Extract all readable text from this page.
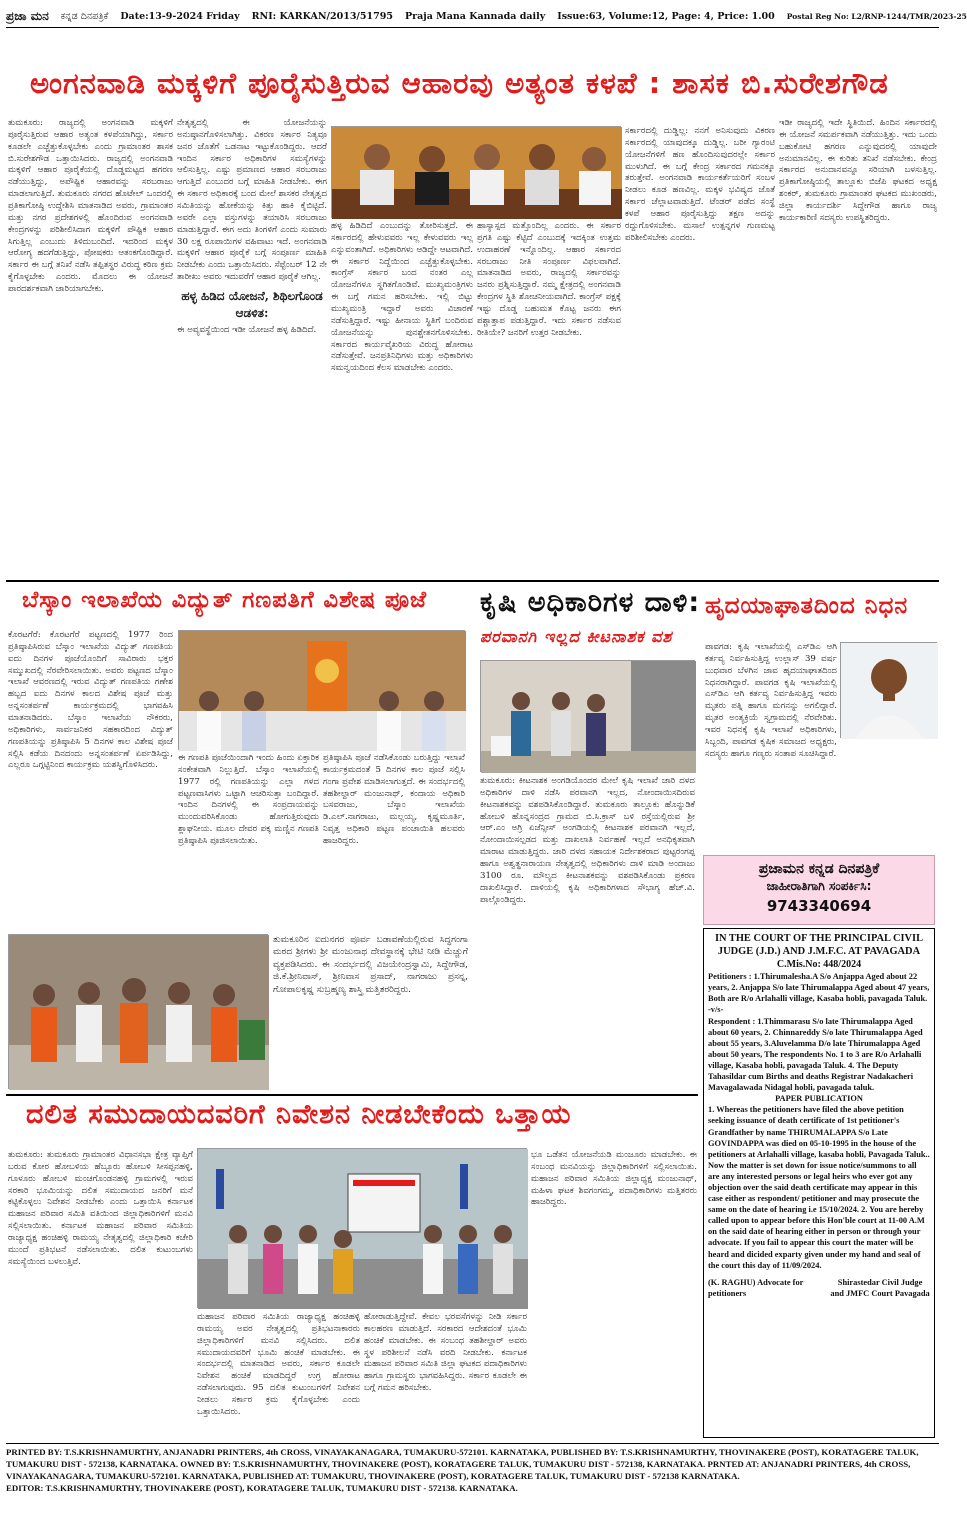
ಪ್ರಜಾ ಮನ ಕನ್ನಡ ದಿನಪತ್ರಿಕೆ Date:13-9-2024 Friday RNI: KARKAN/2013/51795 Praja Mana Kannada daily Issue:63, Volume:12, Page: 4, Price: 1.00 Postal Reg No: L2/RNP-1244/TMR/2023-25
ಅಂಗನವಾಡಿ ಮಕ್ಕಳಿಗೆ ಪೂರೈಸುತ್ತಿರುವ ಆಹಾರವು ಅತ್ಯಂತ ಕಳಪೆ : ಶಾಸಕ ಬಿ.ಸುರೇಶಗೌಡ
ತುಮಕೂರು: ರಾಜ್ಯದಲ್ಲಿ ಅಂಗನವಾಡಿ ಮಕ್ಕಳಿಗೆ ಪೂರೈಸುತ್ತಿರುವ ಆಹಾರ ಅತ್ಯಂತ ಕಳಪೆಯಾಗಿದ್ದು, ಸರ್ಕಾರ ಕೂಡಲೇ ಎಚ್ಚೆತ್ತುಕೊಳ್ಳಬೇಕು ಎಂದು ಗ್ರಾಮಾಂತರ ಶಾಸಕ ಬಿ.ಸುರೇಶಗೌಡ ಒತ್ತಾಯಿಸಿದರು. ರಾಜ್ಯದಲ್ಲಿ ಅಂಗನವಾಡಿ ಮಕ್ಕಳಿಗೆ ಆಹಾರ ಪೂರೈಕೆಯಲ್ಲಿ ದೊಡ್ಡಮಟ್ಟದ ಹಗರಣ ನಡೆಯುತ್ತಿದ್ದು, ಅಪೌಷ್ಟಿಕ ಆಹಾರವನ್ನು ಸರಬರಾಜು ಮಾಡಲಾಗುತ್ತಿದೆ. ತುಮಕೂರು ನಗರದ ಹೊಟೇಲ್ ಒಂದರಲ್ಲಿ ಪ್ರತಿಕಾಗೋಷ್ಠಿ ಉದ್ದೇಶಿಸಿ ಮಾತನಾಡಿದ ಅವರು, ಗ್ರಾಮಾಂತರ ಮತ್ತು ನಗರ ಪ್ರದೇಶಗಳಲ್ಲಿ ಹೊಂದಿರುವ ಅಂಗನವಾಡಿ ಕೇಂದ್ರಗಳನ್ನು ಪರಿಶೀಲಿಸಿದಾಗ ಮಕ್ಕಳಿಗೆ ಪೌಷ್ಟಿಕ ಆಹಾರ ಸಿಗುತ್ತಿಲ್ಲ ಎಂಬುದು ತಿಳಿದುಬಂದಿದೆ. ಇದರಿಂದ ಮಕ್ಕಳ ಆರೋಗ್ಯ ಹದಗೆಡುತ್ತಿದ್ದು, ಪೋಷಕರು ಆತಂಕಗೊಂಡಿದ್ದಾರೆ. ಸರ್ಕಾರ ಈ ಬಗ್ಗೆ ತನಿಖೆ ನಡೆಸಿ ತಪ್ಪಿತಸ್ಥರ ವಿರುದ್ಧ ಕಠಿಣ ಕ್ರಮ ಕೈಗೊಳ್ಳಬೇಕು ಎಂದರು. ಮೊದಲು ಈ ಯೋಜನೆ ಪಾರದರ್ಶಕವಾಗಿ ಜಾರಿಯಾಗಬೇಕು.

ನೇತೃತ್ವದಲ್ಲಿ ಈ ಯೋಜನೆಯನ್ನು ಅನುಷ್ಠಾನಗೊಳಿಸಲಾಗಿತ್ತು. ವಿಕರಣ ಸರ್ಕಾರ ನಿತ್ಯವೂ ಜನರ ಜೊತೆಗೆ ಒಡನಾಟ ಇಟ್ಟುಕೊಂಡಿದ್ದರು. ಆದರೆ ಇಂದಿನ ಸರ್ಕಾರ ಅಧಿಕಾರಿಗಳ ಸಮಸ್ಯೆಗಳನ್ನು ಆಲಿಸುತ್ತಿಲ್ಲ. ಎಷ್ಟು ಪ್ರಮಾಣದ ಆಹಾರ ಸರಬರಾಜು ಆಗುತ್ತಿದೆ ಎಂಬುದರ ಬಗ್ಗೆ ಮಾಹಿತಿ ನೀಡಬೇಕು. ಈಗ ಈ ಸರ್ಕಾರ ಅಧಿಕಾರಕ್ಕೆ ಬಂದ ಮೇಲೆ ಶಾಸಕರ ನೇತೃತ್ವದ ಸಮಿತಿಯನ್ನು ಹೋಕೆಯನ್ನು ಕಿತ್ತು ಹಾಕಿ ಕೈಬಿಟ್ಟಿದೆ. ಅವರೇ ಎಲ್ಲಾ ವಸ್ತುಗಳನ್ನು ತಯಾರಿಸಿ ಸರಬರಾಜು ಮಾಡುತ್ತಿದ್ದಾರೆ. ಈಗ ಅದು ತಿಂಗಳಿಗೆ ಎಂದು ಸುಮಾರು 30 ಲಕ್ಷ ರೂಪಾಯಿಗಳ ವಹಿವಾಟು ಇದೆ. ಅಂಗನವಾಡಿ ಮಕ್ಕಳಿಗೆ ಆಹಾರ ಪೂರೈಕೆ ಬಗ್ಗೆ ಸಂಪೂರ್ಣ ಮಾಹಿತಿ ನೀಡಬೇಕು ಎಂದು ಒತ್ತಾಯಿಸಿದರು. ಸೆಪ್ಟೆಂಬರ್ 12 ನೇ ತಾರೀಖು ಅವರು ಇದುವರೆಗೆ ಆಹಾರ ಪೂರೈಕೆ ಆಗಿಲ್ಲ.

ಹಳ್ಳ ಹಿಡಿದ ಯೋಜನೆ, ಶಿಥಿಲಗೊಂಡ ಆಡಳಿತ:

ಈ ಅವ್ಯವಸ್ಥೆಯಿಂದ ಇಡೀ ಯೋಜನೆ ಹಳ್ಳ ಹಿಡಿದಿದೆ.

ಹಳ್ಳ ಹಿಡಿದಿದೆ ಎಂಬುದನ್ನು ತೋರಿಸುತ್ತದೆ. ಈ ಸರ್ಕಾರದಲ್ಲಿ ಹೇಳುವವರು ಇಲ್ಲ ಕೇಳುವವರು ಇಲ್ಲ ಎನ್ನುವಂತಾಗಿದೆ. ಅಧಿಕಾರಿಗಳು ಆಡಿದ್ದೇ ಆಟವಾಗಿದೆ. ಈ ಸರ್ಕಾರ ನಿದ್ದೆಯಿಂದ ಎಚ್ಚೆತ್ತುಕೊಳ್ಳಬೇಕು. ಕಾಂಗ್ರೆಸ್ ಸರ್ಕಾರ ಬಂದ ನಂತರ ಎಲ್ಲ ಯೋಜನೆಗಳೂ ಸ್ಥಗಿತಗೊಂಡಿವೆ. ಮುಖ್ಯಮಂತ್ರಿಗಳು ಈ ಬಗ್ಗೆ ಗಮನ ಹರಿಸಬೇಕು. ಇಲ್ಲಿ ಬಿಟ್ಟು ಮುಖ್ಯಮಂತ್ರಿ ಇದ್ದಾರೆ ಅವರು ವಿಚಾರಣೆ ನಡೆಸುತ್ತಿದ್ದಾರೆ. ಇಷ್ಟು ಹೀನಾಯ ಸ್ಥಿತಿಗೆ ಬಂದಿರುವ ಯೋಜನೆಯನ್ನು ಪುನಶ್ಚೇತನಗೊಳಿಸಬೇಕು. ಸರ್ಕಾರದ ಕಾರ್ಯವೈಖರಿಯ ವಿರುದ್ಧ ಹೋರಾಟ ನಡೆಸುತ್ತೇವೆ. ಜನಪ್ರತಿನಿಧಿಗಳು ಮತ್ತು ಅಧಿಕಾರಿಗಳು ಸಮನ್ವಯದಿಂದ ಕೆಲಸ ಮಾಡಬೇಕು ಎಂದರು.
ಹಾಸ್ಯಾಸ್ಪದ ಮತ್ತೊಂದಿಲ್ಲ ಎಂದರು. ಈ ಸರ್ಕಾರ ಪ್ರಗತಿ ಎಷ್ಟು ಕೆಟ್ಟಿದೆ ಎಂಬುದಕ್ಕೆ ಇದಕ್ಕಿಂತ ಉತ್ತಮ ಉದಾಹರಣೆ ಇನ್ನೊಂದಿಲ್ಲ. ಆಹಾರ ಸರ್ಕಾರದ ಸರಬರಾಜು ನೀತಿ ಸಂಪೂರ್ಣ ವಿಫಲವಾಗಿದೆ. ಮಾತನಾಡಿದ ಅವರು, ರಾಜ್ಯದಲ್ಲಿ ಸರ್ಕಾರವನ್ನು ಜನರು ಪ್ರಶ್ನಿಸುತ್ತಿದ್ದಾರೆ. ನಮ್ಮ ಕ್ಷೇತ್ರದಲ್ಲಿ ಅಂಗನವಾಡಿ ಕೇಂದ್ರಗಳ ಸ್ಥಿತಿ ಶೋಚನೀಯವಾಗಿದೆ. ಕಾಂಗ್ರೆಸ್ ಪಕ್ಷಕ್ಕೆ ಇಷ್ಟು ದೊಡ್ಡ ಬಹುಮತ ಕೊಟ್ಟ ಜನರು ಈಗ ಪಶ್ಚಾತ್ತಾಪ ಪಡುತ್ತಿದ್ದಾರೆ. ಇದು ಸರ್ಕಾರ ನಡೆಸುವ ರೀತಿಯೇ? ಜನರಿಗೆ ಉತ್ತರ ನೀಡಬೇಕು.
ಸರ್ಕಾರದಲ್ಲಿ ದುಡ್ಡಿಲ್ಲ: ನನಗೆ ಅನಿಸುವುದು ವಿಕರಣ ಸರ್ಕಾರದಲ್ಲಿ ಯಾವುದಕ್ಕೂ ದುಡ್ಡಿಲ್ಲ. ಬರೀ ಗ್ಯಾರಂಟಿ ಯೋಜನೆಗಳಿಗೆ ಹಣ ಹೊಂದಿಸುವುದರಲ್ಲೇ ಸರ್ಕಾರ ಮುಳುಗಿದೆ. ಈ ಬಗ್ಗೆ ಕೇಂದ್ರ ಸರ್ಕಾರದ ಗಮನಕ್ಕೂ ತರುತ್ತೇವೆ. ಅಂಗನವಾಡಿ ಕಾರ್ಯಕರ್ತೆಯರಿಗೆ ಸಂಬಳ ನೀಡಲು ಕೂಡ ಹಣವಿಲ್ಲ. ಮಕ್ಕಳ ಭವಿಷ್ಯದ ಜೊತೆ ಸರ್ಕಾರ ಚೆಲ್ಲಾಟವಾಡುತ್ತಿದೆ. ಟೆಂಡರ್ ಪಡೆದ ಸಂಸ್ಥೆ ಕಳಪೆ ಆಹಾರ ಪೂರೈಸುತ್ತಿದ್ದು ತಕ್ಷಣ ಅದನ್ನು ರದ್ದುಗೊಳಿಸಬೇಕು. ಮಸಾಲೆ ಉತ್ಪನ್ನಗಳ ಗುಣಮಟ್ಟ ಪರಿಶೀಲಿಸಬೇಕು ಎಂದರು.
ಇಡೀ ರಾಜ್ಯದಲ್ಲಿ ಇದೇ ಸ್ಥಿತಿಯಿದೆ. ಹಿಂದಿನ ಸರ್ಕಾರದಲ್ಲಿ ಈ ಯೋಜನೆ ಸಮರ್ಪಕವಾಗಿ ನಡೆಯುತ್ತಿತ್ತು. ಇದು ಒಂದು ಬಹುಕೋಟಿ ಹಗರಣ ಎನ್ನುವುದರಲ್ಲಿ ಯಾವುದೇ ಅನುಮಾನವಿಲ್ಲ. ಈ ಕುರಿತು ತನಿಖೆ ನಡೆಸಬೇಕು. ಕೇಂದ್ರ ಸರ್ಕಾರದ ಅನುದಾನವನ್ನೂ ಸರಿಯಾಗಿ ಬಳಸುತ್ತಿಲ್ಲ. ಪ್ರತಿಕಾಗೋಷ್ಠಿಯಲ್ಲಿ ತಾಲ್ಲೂಕು ಬಿಜೆಪಿ ಘಟಕದ ಅಧ್ಯಕ್ಷ ಶಂಕರ್, ತುಮಕೂರು ಗ್ರಾಮಾಂತರ ಘಟಕದ ಮುಖಂಡರು, ಜಿಲ್ಲಾ ಕಾರ್ಯದರ್ಶಿ ಸಿದ್ದೇಗೌಡ ಹಾಗೂ ರಾಜ್ಯ ಕಾರ್ಯಕಾರಿಣಿ ಸದಸ್ಯರು ಉಪಸ್ಥಿತರಿದ್ದರು.
ಬೆಸ್ಕಾಂ ಇಲಾಖೆಯ ವಿದ್ಯುತ್ ಗಣಪತಿಗೆ ವಿಶೇಷ ಪೂಜೆ
ಕೊರಟಗೆರೆ: ಕೊರಟಗೆರೆ ಪಟ್ಟಣದಲ್ಲಿ 1977 ರಿಂದ ಪ್ರತಿಷ್ಠಾಪಿಸಿರುವ ಬೆಸ್ಕಾಂ ಇಲಾಖೆಯ ವಿದ್ಯುತ್ ಗಣಪತಿಯ ಐದು ದಿನಗಳ ಪೂಜೆಯೊಂದಿಗೆ ಸಾವಿರಾರು ಭಕ್ತರ ಸಮ್ಮುಖದಲ್ಲಿ ನೆರವೇರಿಸಲಾಯಿತು. ಅವರು ಪಟ್ಟಣದ ಬೆಸ್ಕಾಂ ಇಲಾಖೆ ಆವರಣದಲ್ಲಿ ಇರುವ ವಿದ್ಯುತ್ ಗಣಪತಿಯ ಗಣೇಶ ಹಬ್ಬದ ಐದು ದಿನಗಳ ಕಾಲದ ವಿಶೇಷ ಪೂಜೆ ಮತ್ತು ಅನ್ನಸಂತರ್ಪಣೆ ಕಾರ್ಯಕ್ರಮದಲ್ಲಿ ಭಾಗವಹಿಸಿ ಮಾತನಾಡಿದರು. ಬೆಸ್ಕಾಂ ಇಲಾಖೆಯ ನೌಕರರು, ಅಧಿಕಾರಿಗಳು, ಸಾರ್ವಜನಿಕರ ಸಹಕಾರದಿಂದ ವಿದ್ಯುತ್ ಗಣಪತಿಯನ್ನು ಪ್ರತಿಷ್ಠಾಪಿಸಿ 5 ದಿನಗಳ ಕಾಲ ವಿಶೇಷ ಪೂಜೆ ಸಲ್ಲಿಸಿ ಕಡೆಯ ದಿನದಂದು ಅನ್ನಸಂತರ್ಪಣೆ ಏರ್ಪಡಿಸಿದ್ದು, ಎಲ್ಲರೂ ಒಗ್ಗಟ್ಟಿನಿಂದ ಕಾರ್ಯಕ್ರಮ ಯಶಸ್ವಿಗೊಳಿಸಿದರು.
ಈ ಗಣಪತಿ ಪೂಜೆಯಿಂದಾಗಿ ಇಂದು ಹಿಂದು ಏಕ್ತಾರಿಕ ಸಂಕೇತವಾಗಿ ನಿಲ್ಲುತ್ತಿದೆ. ಬೆಸ್ಕಾಂ ಇಲಾಖೆಯಲ್ಲಿ 1977 ರಲ್ಲಿ ಗಣಪತಿಯನ್ನು ಎಲ್ಲಾ ಗಳದ ಪಟ್ಟಣವಾಸಿಗಳು ಒಟ್ಟಾಗಿ ಆಚರಿಸುತ್ತಾ ಬಂದಿದ್ದಾರೆ. ಇಂದಿನ ದಿನಗಳಲ್ಲಿ ಈ ಸಂಪ್ರದಾಯವನ್ನು ಮುಂದುವರಿಸಿಕೊಂಡು ಹೋಗುತ್ತಿರುವುದು ಶ್ಲಾಘನೀಯ. ಮೂಲ ದೇವರ ಪಕ್ಕ ಮಣ್ಣಿನ ಗಣಪತಿ ಪ್ರತಿಷ್ಠಾಪಿಸಿ ಪೂಜಿಸಲಾಯಿತು.
ಪ್ರತಿಷ್ಠಾಪಿಸಿ ಪೂಜೆ ನಡೆಸಿಕೊಂಡು ಬರುತ್ತಿದ್ದು ಇಲಾಖೆ ಕಾರ್ಯಕ್ರಮದಂತೆ 5 ದಿನಗಳ ಕಾಲ ಪೂಜೆ ಸಲ್ಲಿಸಿ ಗಂಗಾ ಪ್ರವೇಶ ಮಾಡಿಸಲಾಗುತ್ತದೆ. ಈ ಸಂದರ್ಭದಲ್ಲಿ ತಹಶೀಲ್ದಾರ್ ಮಂಜುನಾಥ್, ಕಂದಾಯ ಅಧಿಕಾರಿ ಬಸವರಾಜು, ಬೆಸ್ಕಾಂ ಇಲಾಖೆಯ ಡಿ.ಎಲ್.ನಾಗರಾಜು, ಮಲ್ಲಯ್ಯ, ಕೃಷ್ಣಮೂರ್ತಿ, ನಿವೃತ್ತ ಅಧಿಕಾರಿ ಪಟ್ಟಣ ಪಂಚಾಯಿತಿ ಹಲವರು ಹಾಜರಿದ್ದರು.
ತುಮಕೂರಿನ ಐದುನಗರ ಪೂರ್ವ ಬಡಾವಣೆಯಲ್ಲಿರುವ ಸಿದ್ಧಗಂಗಾ ಮಠದ ಶ್ರೀಗಳು ಶ್ರೀ ಮಂಜುನಾಥ ದೇವಸ್ಥಾನಕ್ಕೆ ಭೇಟಿ ನೀಡಿ ಮೆಚ್ಚುಗೆ ವ್ಯಕ್ತಪಡಿಸಿದರು. ಈ ಸಂದರ್ಭದಲ್ಲಿ ವಿಜಯೇಂದ್ರಸ್ವಾಮಿ, ಸಿದ್ದೇಗೌಡ, ಜಿ.ಕೆ.ಶ್ರೀನಿವಾಸ್, ಶ್ರೀನಿವಾಸ ಪ್ರಸಾದ್, ನಾಗರಾಜು ಪ್ರಸನ್ನ, ಗೋಪಾಲಕೃಷ್ಣ ಸುಬ್ರಹ್ಮಣ್ಯ ಶಾಸ್ತ್ರಿ ಮತ್ತಿತರರಿದ್ದರು.
ಕೃಷಿ ಅಧಿಕಾರಿಗಳ ದಾಳಿ:
ಪರವಾನಗಿ ಇಲ್ಲದ ಕೀಟನಾಶಕ ವಶ
ತುಮಕೂರು: ಕೀಟನಾಶಕ ಅಂಗಡಿಯೊಂದರ ಮೇಲೆ ಕೃಷಿ ಇಲಾಖೆ ಜಾರಿ ದಳದ ಅಧಿಕಾರಿಗಳ ದಾಳಿ ನಡೆಸಿ ಪರವಾನಗಿ ಇಲ್ಲದ, ನೋಂದಾಯಿಸದಿರುವ ಕೀಟನಾಶಕವನ್ನು ವಶಪಡಿಸಿಕೊಂಡಿದ್ದಾರೆ. ತುಮಕೂರು ತಾಲ್ಲೂಕು ಹೊನ್ನುಡಿಕೆ ಹೋಬಳಿ ಹೊನ್ನಸಂದ್ರದ ಗ್ರಾಮದ ಬಿ.ಸಿ.ಕ್ರಾಸ್ ಬಳಿ ರಸ್ತೆಯಲ್ಲಿರುವ ಶ್ರೀ ಆರ್.ಎಂ ಅಗ್ರಿ ಏಜೆನ್ಸೀಸ್ ಅಂಗಡಿಯಲ್ಲಿ ಕೀಟನಾಶಕ ಪರವಾನಗಿ ಇಲ್ಲದೆ, ನೋಂದಾಯಿಸಲ್ಪಡದ ಮತ್ತು ದಾಖಲಾತಿ ನಿರ್ವಹಣೆ ಇಲ್ಲದೆ ಅನಧಿಕೃತವಾಗಿ ಮಾರಾಟ ಮಾಡುತ್ತಿದ್ದರು. ಜಾರಿ ದಳದ ಸಹಾಯಕ ನಿರ್ದೇಶಕರಾದ ಪುಟ್ಟರಂಗಪ್ಪ ಹಾಗೂ ಅಶ್ವತ್ಥನಾರಾಯಣ ನೇತೃತ್ವದಲ್ಲಿ ಅಧಿಕಾರಿಗಳು ದಾಳಿ ಮಾಡಿ ಅಂದಾಜು 3100 ರೂ. ಮೌಲ್ಯದ ಕೀಟನಾಶಕವನ್ನು ವಶಪಡಿಸಿಕೊಂಡು ಪ್ರಕರಣ ದಾಖಲಿಸಿದ್ದಾರೆ. ದಾಳಿಯಲ್ಲಿ ಕೃಷಿ ಅಧಿಕಾರಿಗಳಾದ ಸೌಭಾಗ್ಯ ಹೆಚ್.ವಿ. ಪಾಲ್ಗೊಂಡಿದ್ದರು.
ಹೃದಯಾಘಾತದಿಂದ ನಿಧನ

ಪಾವಗಡ: ಕೃಷಿ ಇಲಾಖೆಯಲ್ಲಿ ಎಸ್‌ಡಿಎ ಆಗಿ ಕರ್ತವ್ಯ ನಿರ್ವಹಿಸುತ್ತಿದ್ದ ಉಲ್ಲಾಸ್ 39 ವರ್ಷ ಬುಧವಾರ ಬೆಳಗಿನ ಜಾವ ಹೃದಯಾಘಾತದಿಂದ ನಿಧನರಾಗಿದ್ದಾರೆ. ಪಾವಗಡ ಕೃಷಿ ಇಲಾಖೆಯಲ್ಲಿ ಎಸ್‌ಡಿಎ ಆಗಿ ಕರ್ತವ್ಯ ನಿರ್ವಹಿಸುತ್ತಿದ್ದ ಇವರು ಮೃತರು ಪತ್ನಿ ಹಾಗೂ ಮಗನನ್ನು ಅಗಲಿದ್ದಾರೆ. ಮೃತರ ಅಂತ್ಯಕ್ರಿಯೆ ಸ್ವಗ್ರಾಮದಲ್ಲಿ ನೆರವೇರಿತು. ಇವರ ನಿಧನಕ್ಕೆ ಕೃಷಿ ಇಲಾಖೆ ಅಧಿಕಾರಿಗಳು, ಸಿಬ್ಬಂದಿ, ಪಾವಗಡ ಕೃಷಿಕ ಸಮಾಜದ ಅಧ್ಯಕ್ಷರು, ಸದಸ್ಯರು ಹಾಗೂ ಗಣ್ಯರು ಸಂತಾಪ ಸೂಚಿಸಿದ್ದಾರೆ.

ಪ್ರಜಾಮನ ಕನ್ನಡ ದಿನಪತ್ರಿಕೆ
ಜಾಹೀರಾತಿಗಾಗಿ ಸಂಪರ್ಕಿಸಿ:
9743340694
IN THE COURT OF THE PRINCIPAL CIVIL JUDGE (J.D.) AND J.M.F.C. AT PAVAGADA
C.Mis.No: 448/2024

Petitioners : 1.Thirumalesha.A S/o Anjappa Aged about 22 years, 2. Anjappa S/o late Thirumalappa Aged about 47 years, Both are R/o Arlahalli village, Kasaba hobli, pavagada Taluk.

-v/s-

Respondent : 1.Thimmarasu S/o late Thirumalappa Aged about 60 years, 2. Chinnareddy S/o late Thirumalappa Aged about 55 years, 3.Aluvelamma D/o late Thirumalappa Aged about 50 years, The respondents No. 1 to 3 are R/o Arlahalli village, Kasaba hobli, pavagada Taluk. 4. The Deputy Tahasildar cum Births and deaths Registrar Nadakacheri Mavagalawada Nidagal hobli, pavagada taluk.

PAPER PUBLICATION

1. Whereas the petitioners have filed the above petition seeking issuance of death certificate of 1st petitioner's Grandfather by name THIRUMALAPPA S/o Late GOVINDAPPA was died on 05-10-1995 in the house of the petitioners at Arlahalli village, kasaba hobli, Pavagada Taluk.. Now the matter is set down for issue notice/summons to all are any interested persons or legal heirs who ever got any objection over the said death certificate may appear in this case either as respondent/ petitioner and may prosecute the same on the date of hearing i.e 15/10/2024. 2. You are hereby called upon to appear before this Hon'ble court at 11-00 A.M on the said date of hearing either in person or through your advocate. If you fail to appear this court the mater will be heard and dicided exparty given under my hand and seal of the court this day of 11/09/2024.

(K. RAGHU) Advocate for petitioners
Shirastedar Civil Judge and JMFC Court Pavagada
ದಲಿತ ಸಮುದಾಯದವರಿಗೆ ನಿವೇಶನ ನೀಡಬೇಕೆಂದು ಒತ್ತಾಯ
ತುಮಕೂರು: ತುಮಕೂರು ಗ್ರಾಮಾಂತರ ವಿಧಾನಸಭಾ ಕ್ಷೇತ್ರ ವ್ಯಾಪ್ತಿಗೆ ಬರುವ ಕೋರ ಹೋಬಳಿಯ ಹೆಬ್ಬೂರು ಹೋಬಳಿ ಸೀಸಪ್ಪನಹಳ್ಳಿ, ಗೂಳೂರು ಹೋಬಳಿ ಮಂಚಗೊಂಡನಹಳ್ಳಿ ಗ್ರಾಮಗಳಲ್ಲಿ ಇರುವ ಸರಕಾರಿ ಭೂಮಿಯನ್ನು ದಲಿತ ಸಮುದಾಯದ ಜನರಿಗೆ ಮನೆ ಕಟ್ಟಿಕೊಳ್ಳಲು ನಿವೇಶನ ನೀಡಬೇಕು ಎಂದು ಒತ್ತಾಯಿಸಿ ಕರ್ನಾಟಕ ಮಹಾಜನ ಪರಿವಾರ ಸಮಿತಿ ವತಿಯಿಂದ ಜಿಲ್ಲಾಧಿಕಾರಿಗಳಿಗೆ ಮನವಿ ಸಲ್ಲಿಸಲಾಯಿತು. ಕರ್ನಾಟಕ ಮಹಾಜನ ಪರಿವಾರ ಸಮಿತಿಯ ರಾಜ್ಯಾಧ್ಯಕ್ಷ ಹಂಚಿಹಳ್ಳಿ ರಾಮಯ್ಯ ನೇತೃತ್ವದಲ್ಲಿ ಜಿಲ್ಲಾಧಿಕಾರಿ ಕಚೇರಿ ಮುಂದೆ ಪ್ರತಿಭಟನೆ ನಡೆಸಲಾಯಿತು. ದಲಿತ ಕುಟುಂಬಗಳು ಸಮಸ್ಯೆಯಿಂದ ಬಳಲುತ್ತಿವೆ.
ಮಹಾಜನ ಪರಿವಾರ ಸಮಿತಿಯ ರಾಜ್ಯಾಧ್ಯಕ್ಷ ಹಂಚಿಹಳ್ಳಿ ರಾಮಯ್ಯ ಅವರ ನೇತೃತ್ವದಲ್ಲಿ ಪ್ರತಿಭಟನಾಕಾರರು ಜಿಲ್ಲಾಧಿಕಾರಿಗಳಿಗೆ ಮನವಿ ಸಲ್ಲಿಸಿದರು. ದಲಿತ ಸಮುದಾಯದವರಿಗೆ ಭೂಮಿ ಹಂಚಿಕೆ ಮಾಡಬೇಕು. ಈ ಸಂದರ್ಭದಲ್ಲಿ ಮಾತನಾಡಿದ ಅವರು, ಸರ್ಕಾರ ಕೂಡಲೇ ನಿವೇಶನ ಹಂಚಿಕೆ ಮಾಡದಿದ್ದರೆ ಉಗ್ರ ಹೋರಾಟ ನಡೆಸಲಾಗುವುದು. 95 ದಲಿತ ಕುಟುಂಬಗಳಿಗೆ ನಿವೇಶನ ನೀಡಲು ಸರ್ಕಾರ ಕ್ರಮ ಕೈಗೊಳ್ಳಬೇಕು ಎಂದು ಒತ್ತಾಯಿಸಿದರು.
ಹೋರಾಡುತ್ತಿದ್ದೇವೆ. ಕೇವಲ ಭರವಸೆಗಳನ್ನು ನೀಡಿ ಸರ್ಕಾರ ಕಾಲಹರಣ ಮಾಡುತ್ತಿದೆ. ಸರಕಾರದ ಆದೇಶದಂತೆ ಭೂಮಿ ಹಂಚಿಕೆ ಮಾಡಬೇಕು. ಈ ಸಂಬಂಧ ತಹಶೀಲ್ದಾರ್ ಅವರು ಸ್ಥಳ ಪರಿಶೀಲನೆ ನಡೆಸಿ ವರದಿ ನೀಡಬೇಕು. ಕರ್ನಾಟಕ ಮಹಾಜನ ಪರಿವಾರ ಸಮಿತಿ ಜಿಲ್ಲಾ ಘಟಕದ ಪದಾಧಿಕಾರಿಗಳು ಹಾಗೂ ಗ್ರಾಮಸ್ಥರು ಭಾಗವಹಿಸಿದ್ದರು. ಸರ್ಕಾರ ಕೂಡಲೇ ಈ ಬಗ್ಗೆ ಗಮನ ಹರಿಸಬೇಕು.
ಭೂ ಒಡೆತನ ಯೋಜನೆಯಡಿ ಮಂಜೂರು ಮಾಡಬೇಕು. ಈ ಸಂಬಂಧ ಮನವಿಯನ್ನು ಜಿಲ್ಲಾಧಿಕಾರಿಗಳಿಗೆ ಸಲ್ಲಿಸಲಾಯಿತು. ಮಹಾಜನ ಪರಿವಾರ ಸಮಿತಿಯ ಜಿಲ್ಲಾಧ್ಯಕ್ಷ ಮಂಜುನಾಥ್, ಮಹಿಳಾ ಘಟಕ ಶಿವಗಂಗಮ್ಮ, ಪದಾಧಿಕಾರಿಗಳು ಮತ್ತಿತರರು ಹಾಜರಿದ್ದರು.

PRINTED BY: T.S.KRISHNAMURTHY, ANJANADRI PRINTERS, 4th CROSS, VINAYAKANAGARA, TUMAKURU-572101. KARNATAKA, PUBLISHED BY: T.S.KRISHNAMURTHY, THOVINAKERE (POST), KORATAGERE TALUK, TUMAKURU DIST - 572138, KARNATAKA. OWNED BY: T.S.KRISHNAMURTHY, THOVINAKERE (POST), KORATAGERE TALUK, TUMAKURU DIST - 572138, KARNATAKA. PRNTED AT: ANJANADRI PRINTERS, 4th CROSS, VINAYAKANAGARA, TUMAKURU-572101. KARNATAKA, PUBLISHED AT: TUMAKURU, THOVINAKERE (POST), KORATAGERE TALUK, TUMAKURU DIST - 572138 KARNATAKA.

EDITOR: T.S.KRISHNAMURTHY, THOVINAKERE (POST), KORATAGERE TALUK, TUMAKURU DIST - 572138. KARNATAKA.
